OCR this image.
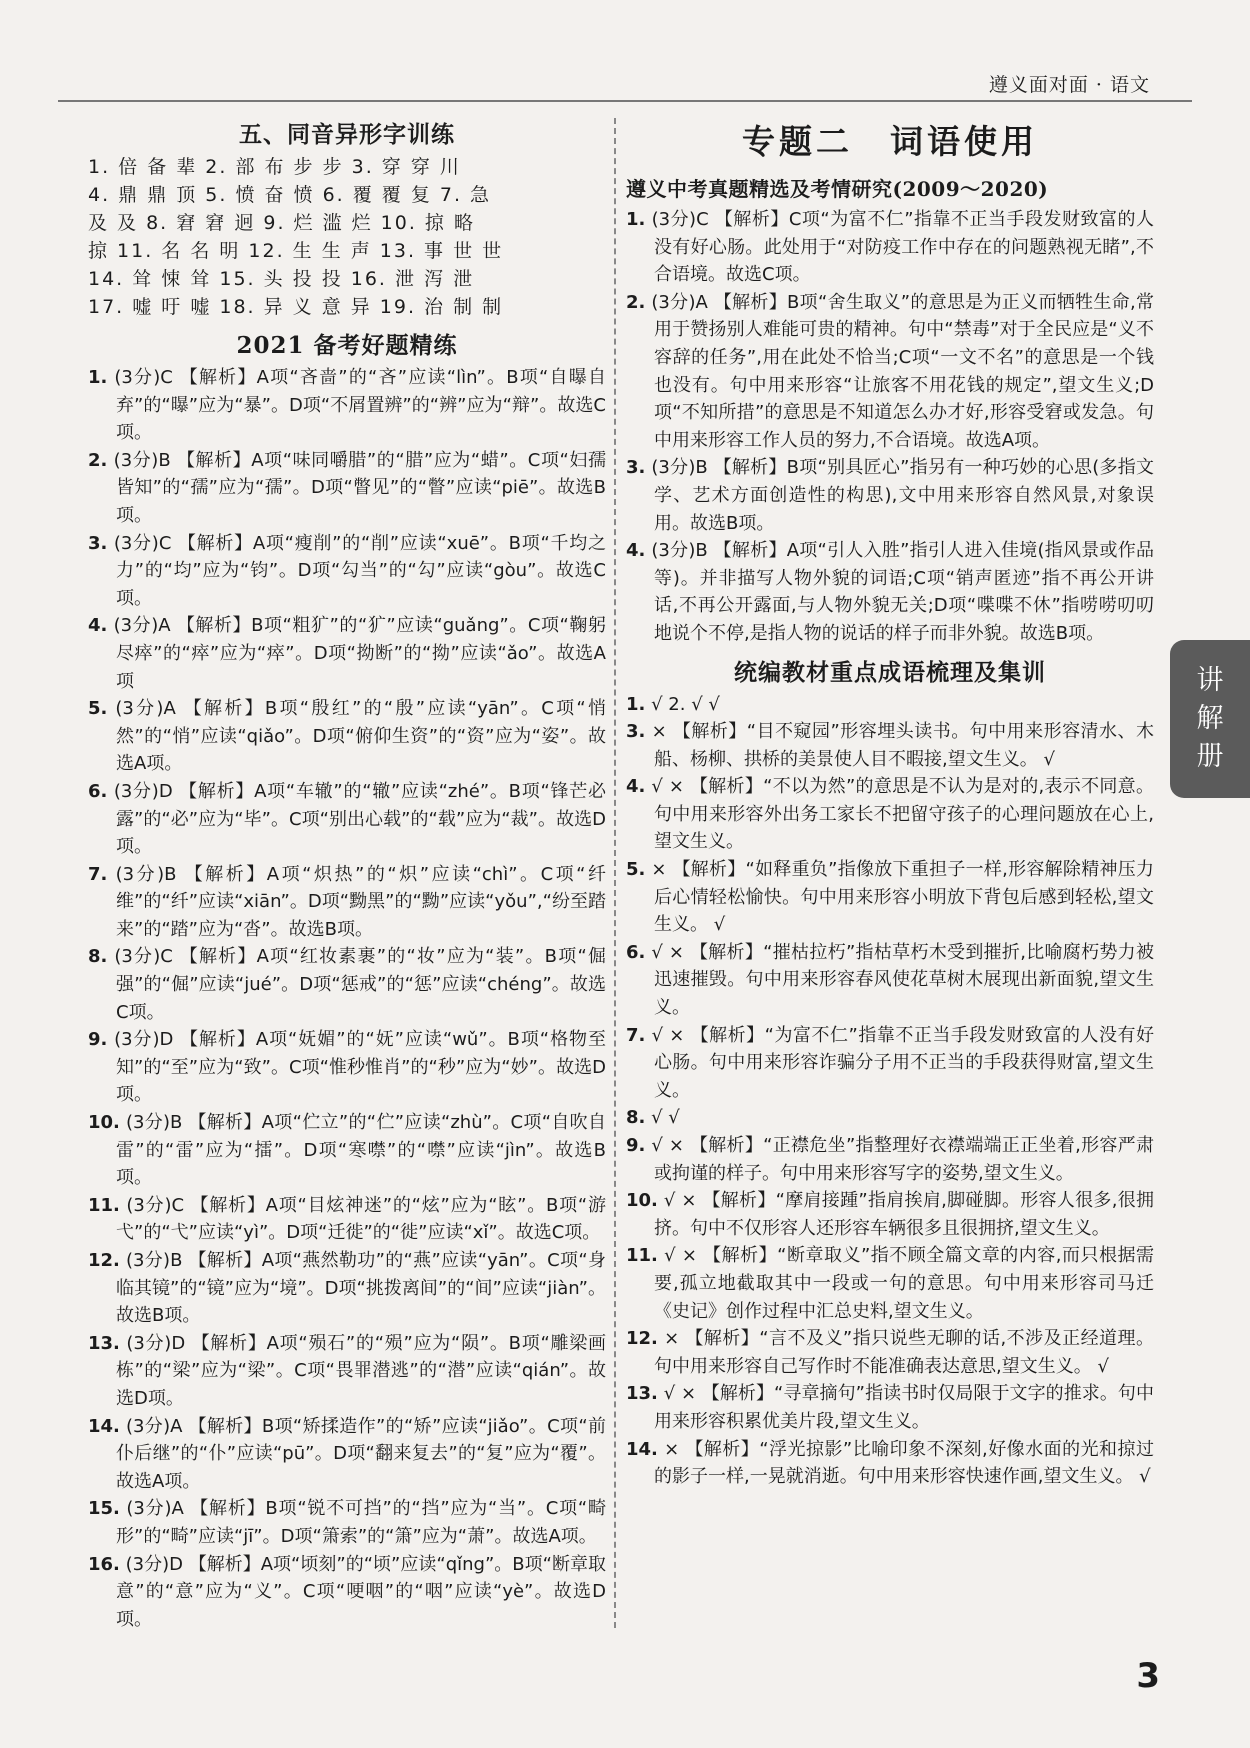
遵义面对面 · 语文
五、同音异形字训练

1. 倍 备 辈 2. 部 布 步 步 3. 穿 穿 川

4. 鼎 鼎 顶 5. 愤 奋 愤 6. 覆 覆 复 7. 急

及 及 8. 窘 窘 迥 9. 烂 滥 烂 10. 掠 略

掠 11. 名 名 明 12. 生 生 声 13. 事 世 世

14. 耸 悚 耸 15. 头 投 投 16. 泄 泻 泄

17. 嘘 吁 嘘 18. 异 义 意 异 19. 治 制 制

2021 备考好题精练

1. (3分)C 【解析】A项“吝啬”的“吝”应读“lìn”。B项“自曝自弃”的“曝”应为“暴”。D项“不屑置辨”的“辨”应为“辩”。故选C项。

2. (3分)B 【解析】A项“味同嚼腊”的“腊”应为“蜡”。C项“妇孺皆知”的“孺”应为“孺”。D项“瞥见”的“瞥”应读“piē”。故选B项。

3. (3分)C 【解析】A项“瘦削”的“削”应读“xuē”。B项“千均之力”的“均”应为“钧”。D项“勾当”的“勾”应读“gòu”。故选C项。

4. (3分)A 【解析】B项“粗犷”的“犷”应读“guǎng”。C项“鞠躬尽瘁”的“瘁”应为“瘁”。D项“拗断”的“拗”应读“ǎo”。故选A项

5. (3分)A 【解析】B项“殷红”的“殷”应读“yān”。C项“悄然”的“悄”应读“qiǎo”。D项“俯仰生资”的“资”应为“姿”。故选A项。

6. (3分)D 【解析】A项“车辙”的“辙”应读“zhé”。B项“锋芒必露”的“必”应为“毕”。C项“别出心载”的“载”应为“裁”。故选D项。

7. (3分)B 【解析】A项“炽热”的“炽”应读“chì”。C项“纤维”的“纤”应读“xiān”。D项“黝黑”的“黝”应读“yǒu”,“纷至踏来”的“踏”应为“沓”。故选B项。

8. (3分)C 【解析】A项“红妆素裹”的“妆”应为“装”。B项“倔强”的“倔”应读“jué”。D项“惩戒”的“惩”应读“chéng”。故选C项。

9. (3分)D 【解析】A项“妩媚”的“妩”应读“wǔ”。B项“格物至知”的“至”应为“致”。C项“惟秒惟肖”的“秒”应为“妙”。故选D项。

10. (3分)B 【解析】A项“伫立”的“伫”应读“zhù”。C项“自吹自雷”的“雷”应为“擂”。D项“寒噤”的“噤”应读“jìn”。故选B项。

11. (3分)C 【解析】A项“目炫神迷”的“炫”应为“眩”。B项“游弋”的“弋”应读“yì”。D项“迁徙”的“徙”应读“xǐ”。故选C项。

12. (3分)B 【解析】A项“燕然勒功”的“燕”应读“yān”。C项“身临其镜”的“镜”应为“境”。D项“挑拨离间”的“间”应读“jiàn”。故选B项。

13. (3分)D 【解析】A项“殒石”的“殒”应为“陨”。B项“雕梁画栋”的“梁”应为“梁”。C项“畏罪潜逃”的“潜”应读“qián”。故选D项。

14. (3分)A 【解析】B项“矫揉造作”的“矫”应读“jiǎo”。C项“前仆后继”的“仆”应读“pū”。D项“翻来复去”的“复”应为“覆”。故选A项。

15. (3分)A 【解析】B项“锐不可挡”的“挡”应为“当”。C项“畸形”的“畸”应读“jī”。D项“箫索”的“箫”应为“萧”。故选A项。

16. (3分)D 【解析】A项“顷刻”的“顷”应读“qǐng”。B项“断章取意”的“意”应为“义”。C项“哽咽”的“咽”应读“yè”。故选D项。

专题二　词语使用
遵义中考真题精选及考情研究(2009～2020)

1. (3分)C 【解析】C项“为富不仁”指靠不正当手段发财致富的人没有好心肠。此处用于“对防疫工作中存在的问题熟视无睹”,不合语境。故选C项。

2. (3分)A 【解析】B项“舍生取义”的意思是为正义而牺牲生命,常用于赞扬别人难能可贵的精神。句中“禁毒”对于全民应是“义不容辞的任务”,用在此处不恰当;C项“一文不名”的意思是一个钱也没有。句中用来形容“让旅客不用花钱的规定”,望文生义;D项“不知所措”的意思是不知道怎么办才好,形容受窘或发急。句中用来形容工作人员的努力,不合语境。故选A项。

3. (3分)B 【解析】B项“别具匠心”指另有一种巧妙的心思(多指文学、艺术方面创造性的构思),文中用来形容自然风景,对象误用。故选B项。

4. (3分)B 【解析】A项“引人入胜”指引人进入佳境(指风景或作品等)。并非描写人物外貌的词语;C项“销声匿迹”指不再公开讲话,不再公开露面,与人物外貌无关;D项“喋喋不休”指唠唠叨叨地说个不停,是指人物的说话的样子而非外貌。故选B项。

统编教材重点成语梳理及集训

1. √ 2. √ √

3. × 【解析】“目不窥园”形容埋头读书。句中用来形容清水、木船、杨柳、拱桥的美景使人目不暇接,望文生义。 √

4. √ × 【解析】“不以为然”的意思是不认为是对的,表示不同意。句中用来形容外出务工家长不把留守孩子的心理问题放在心上,望文生义。

5. × 【解析】“如释重负”指像放下重担子一样,形容解除精神压力后心情轻松愉快。句中用来形容小明放下背包后感到轻松,望文生义。 √

6. √ × 【解析】“摧枯拉朽”指枯草朽木受到摧折,比喻腐朽势力被迅速摧毁。句中用来形容春风使花草树木展现出新面貌,望文生义。

7. √ × 【解析】“为富不仁”指靠不正当手段发财致富的人没有好心肠。句中用来形容诈骗分子用不正当的手段获得财富,望文生义。

8. √ √

9. √ × 【解析】“正襟危坐”指整理好衣襟端端正正坐着,形容严肃或拘谨的样子。句中用来形容写字的姿势,望文生义。

10. √ × 【解析】“摩肩接踵”指肩挨肩,脚碰脚。形容人很多,很拥挤。句中不仅形容人还形容车辆很多且很拥挤,望文生义。

11. √ × 【解析】“断章取义”指不顾全篇文章的内容,而只根据需要,孤立地截取其中一段或一句的意思。句中用来形容司马迁《史记》创作过程中汇总史料,望文生义。

12. × 【解析】“言不及义”指只说些无聊的话,不涉及正经道理。句中用来形容自己写作时不能准确表达意思,望文生义。 √

13. √ × 【解析】“寻章摘句”指读书时仅局限于文字的推求。句中用来形容积累优美片段,望文生义。

14. × 【解析】“浮光掠影”比喻印象不深刻,好像水面的光和掠过的影子一样,一晃就消逝。句中用来形容快速作画,望文生义。 √

讲
解
册
3
